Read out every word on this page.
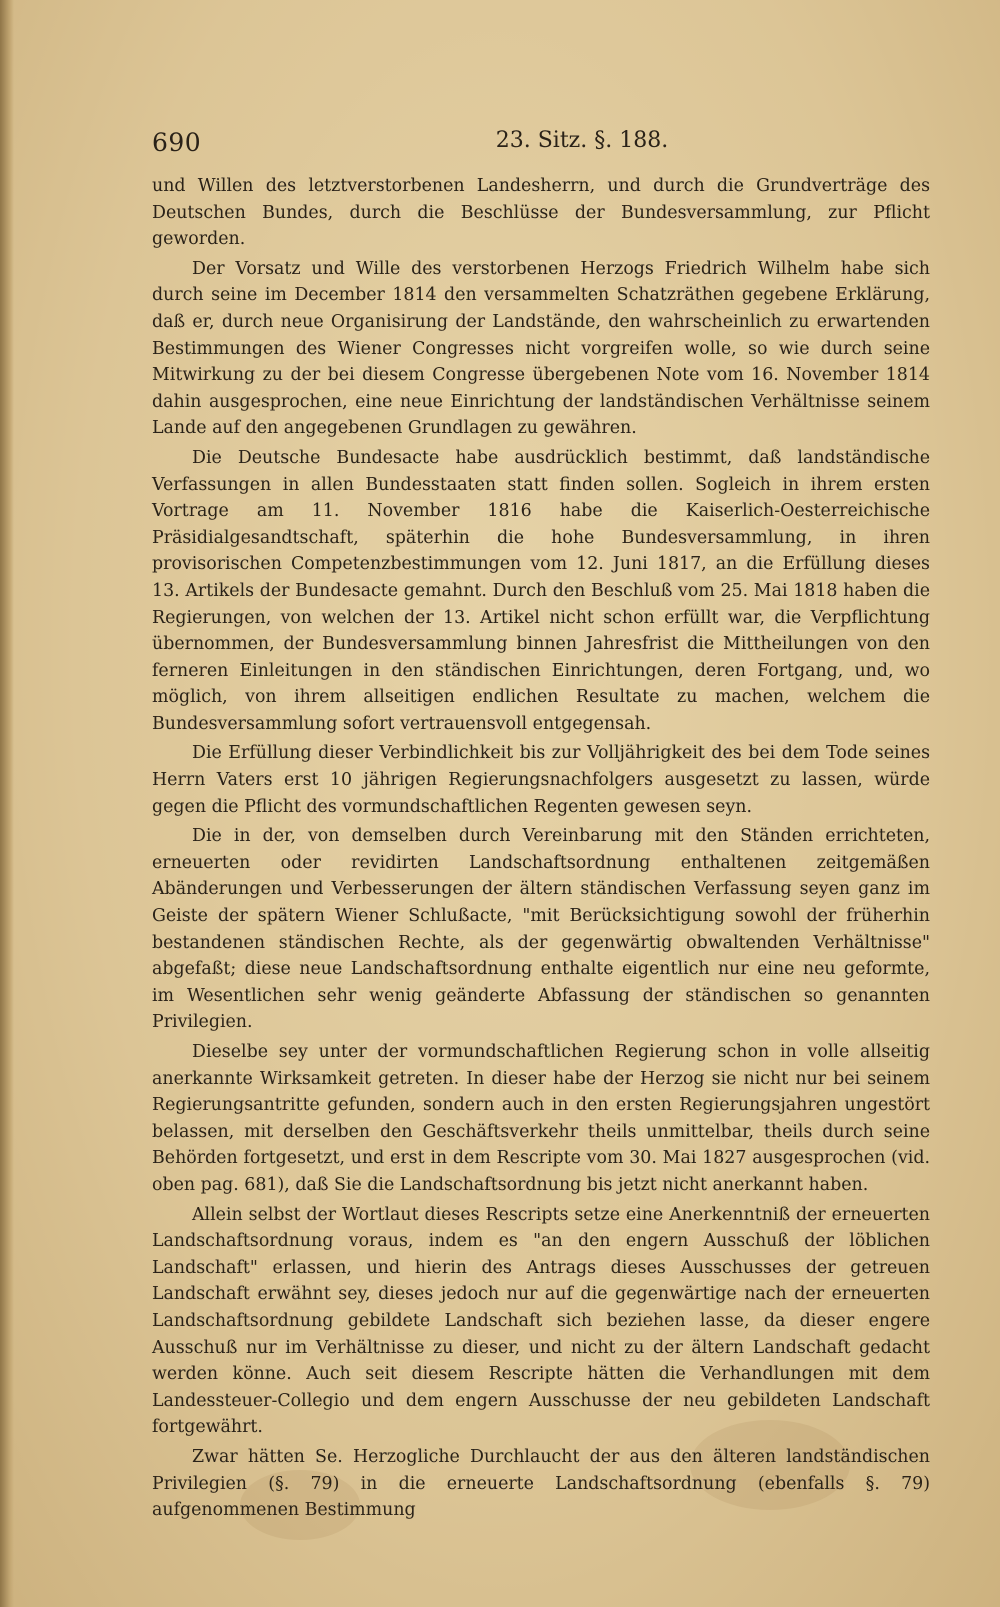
690	23. Sitz. §. 188.

und Willen des letztverstorbenen Landesherrn, und durch die Grundverträge des Deutschen Bundes, durch die Beschlüsse der Bundesversammlung, zur Pflicht geworden.

Der Vorsatz und Wille des verstorbenen Herzogs Friedrich Wilhelm habe sich durch seine im December 1814 den versammelten Schatzräthen gegebene Erklärung, daß er, durch neue Organisirung der Landstände, den wahrscheinlich zu erwartenden Bestimmungen des Wiener Congresses nicht vorgreifen wolle, so wie durch seine Mitwirkung zu der bei diesem Congresse übergebenen Note vom 16. November 1814 dahin ausgesprochen, eine neue Einrichtung der landständischen Verhältnisse seinem Lande auf den angegebenen Grundlagen zu gewähren.

Die Deutsche Bundesacte habe ausdrücklich bestimmt, daß landständische Verfassungen in allen Bundesstaaten statt finden sollen. Sogleich in ihrem ersten Vortrage am 11. November 1816 habe die Kaiserlich-Oesterreichische Präsidialgesandtschaft, späterhin die hohe Bundesversammlung, in ihren provisorischen Competenzbestimmungen vom 12. Juni 1817, an die Erfüllung dieses 13. Artikels der Bundesacte gemahnt. Durch den Beschluß vom 25. Mai 1818 haben die Regierungen, von welchen der 13. Artikel nicht schon erfüllt war, die Verpflichtung übernommen, der Bundesversammlung binnen Jahresfrist die Mittheilungen von den ferneren Einleitungen in den ständischen Einrichtungen, deren Fortgang, und, wo möglich, von ihrem allseitigen endlichen Resultate zu machen, welchem die Bundesversammlung sofort vertrauensvoll entgegensah.

Die Erfüllung dieser Verbindlichkeit bis zur Volljährigkeit des bei dem Tode seines Herrn Vaters erst 10 jährigen Regierungsnachfolgers ausgesetzt zu lassen, würde gegen die Pflicht des vormundschaftlichen Regenten gewesen seyn.

Die in der, von demselben durch Vereinbarung mit den Ständen errichteten, erneuerten oder revidirten Landschaftsordnung enthaltenen zeitgemäßen Abänderungen und Verbesserungen der ältern ständischen Verfassung seyen ganz im Geiste der spätern Wiener Schlußacte, "mit Berücksichtigung sowohl der früherhin bestandenen ständischen Rechte, als der gegenwärtig obwaltenden Verhältnisse" abgefaßt; diese neue Landschaftsordnung enthalte eigentlich nur eine neu geformte, im Wesentlichen sehr wenig geänderte Abfassung der ständischen so genannten Privilegien.

Dieselbe sey unter der vormundschaftlichen Regierung schon in volle allseitig anerkannte Wirksamkeit getreten. In dieser habe der Herzog sie nicht nur bei seinem Regierungsantritte gefunden, sondern auch in den ersten Regierungsjahren ungestört belassen, mit derselben den Geschäftsverkehr theils unmittelbar, theils durch seine Behörden fortgesetzt, und erst in dem Rescripte vom 30. Mai 1827 ausgesprochen (vid. oben pag. 681), daß Sie die Landschaftsordnung bis jetzt nicht anerkannt haben.

Allein selbst der Wortlaut dieses Rescripts setze eine Anerkenntniß der erneuerten Landschaftsordnung voraus, indem es "an den engern Ausschuß der löblichen Landschaft" erlassen, und hierin des Antrags dieses Ausschusses der getreuen Landschaft erwähnt sey, dieses jedoch nur auf die gegenwärtige nach der erneuerten Landschaftsordnung gebildete Landschaft sich beziehen lasse, da dieser engere Ausschuß nur im Verhältnisse zu dieser, und nicht zu der ältern Landschaft gedacht werden könne. Auch seit diesem Rescripte hätten die Verhandlungen mit dem Landessteuer-Collegio und dem engern Ausschusse der neu gebildeten Landschaft fortgewährt.

Zwar hätten Se. Herzogliche Durchlaucht der aus den älteren landständischen Privilegien (§. 79) in die erneuerte Landschaftsordnung (ebenfalls §. 79) aufgenommenen Bestimmung
